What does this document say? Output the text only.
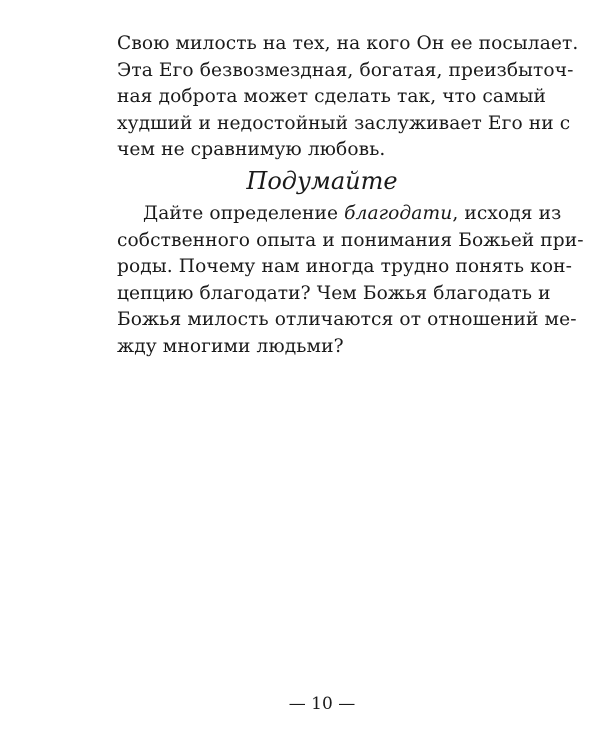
Свою милость на тех, на кого Он ее посылает.
Эта Его безвозмездная, богатая, преизбыточ-
ная доброта может сделать так, что самый
худший и недостойный заслуживает Его ни с
чем не сравнимую любовь.
Подумайте
Дайте определение благодати, исходя из
собственного опыта и понимания Божьей при-
роды. Почему нам иногда трудно понять кон-
цепцию благодати? Чем Божья благодать и
Божья милость отличаются от отношений ме-
жду многими людьми?
— 10 —
